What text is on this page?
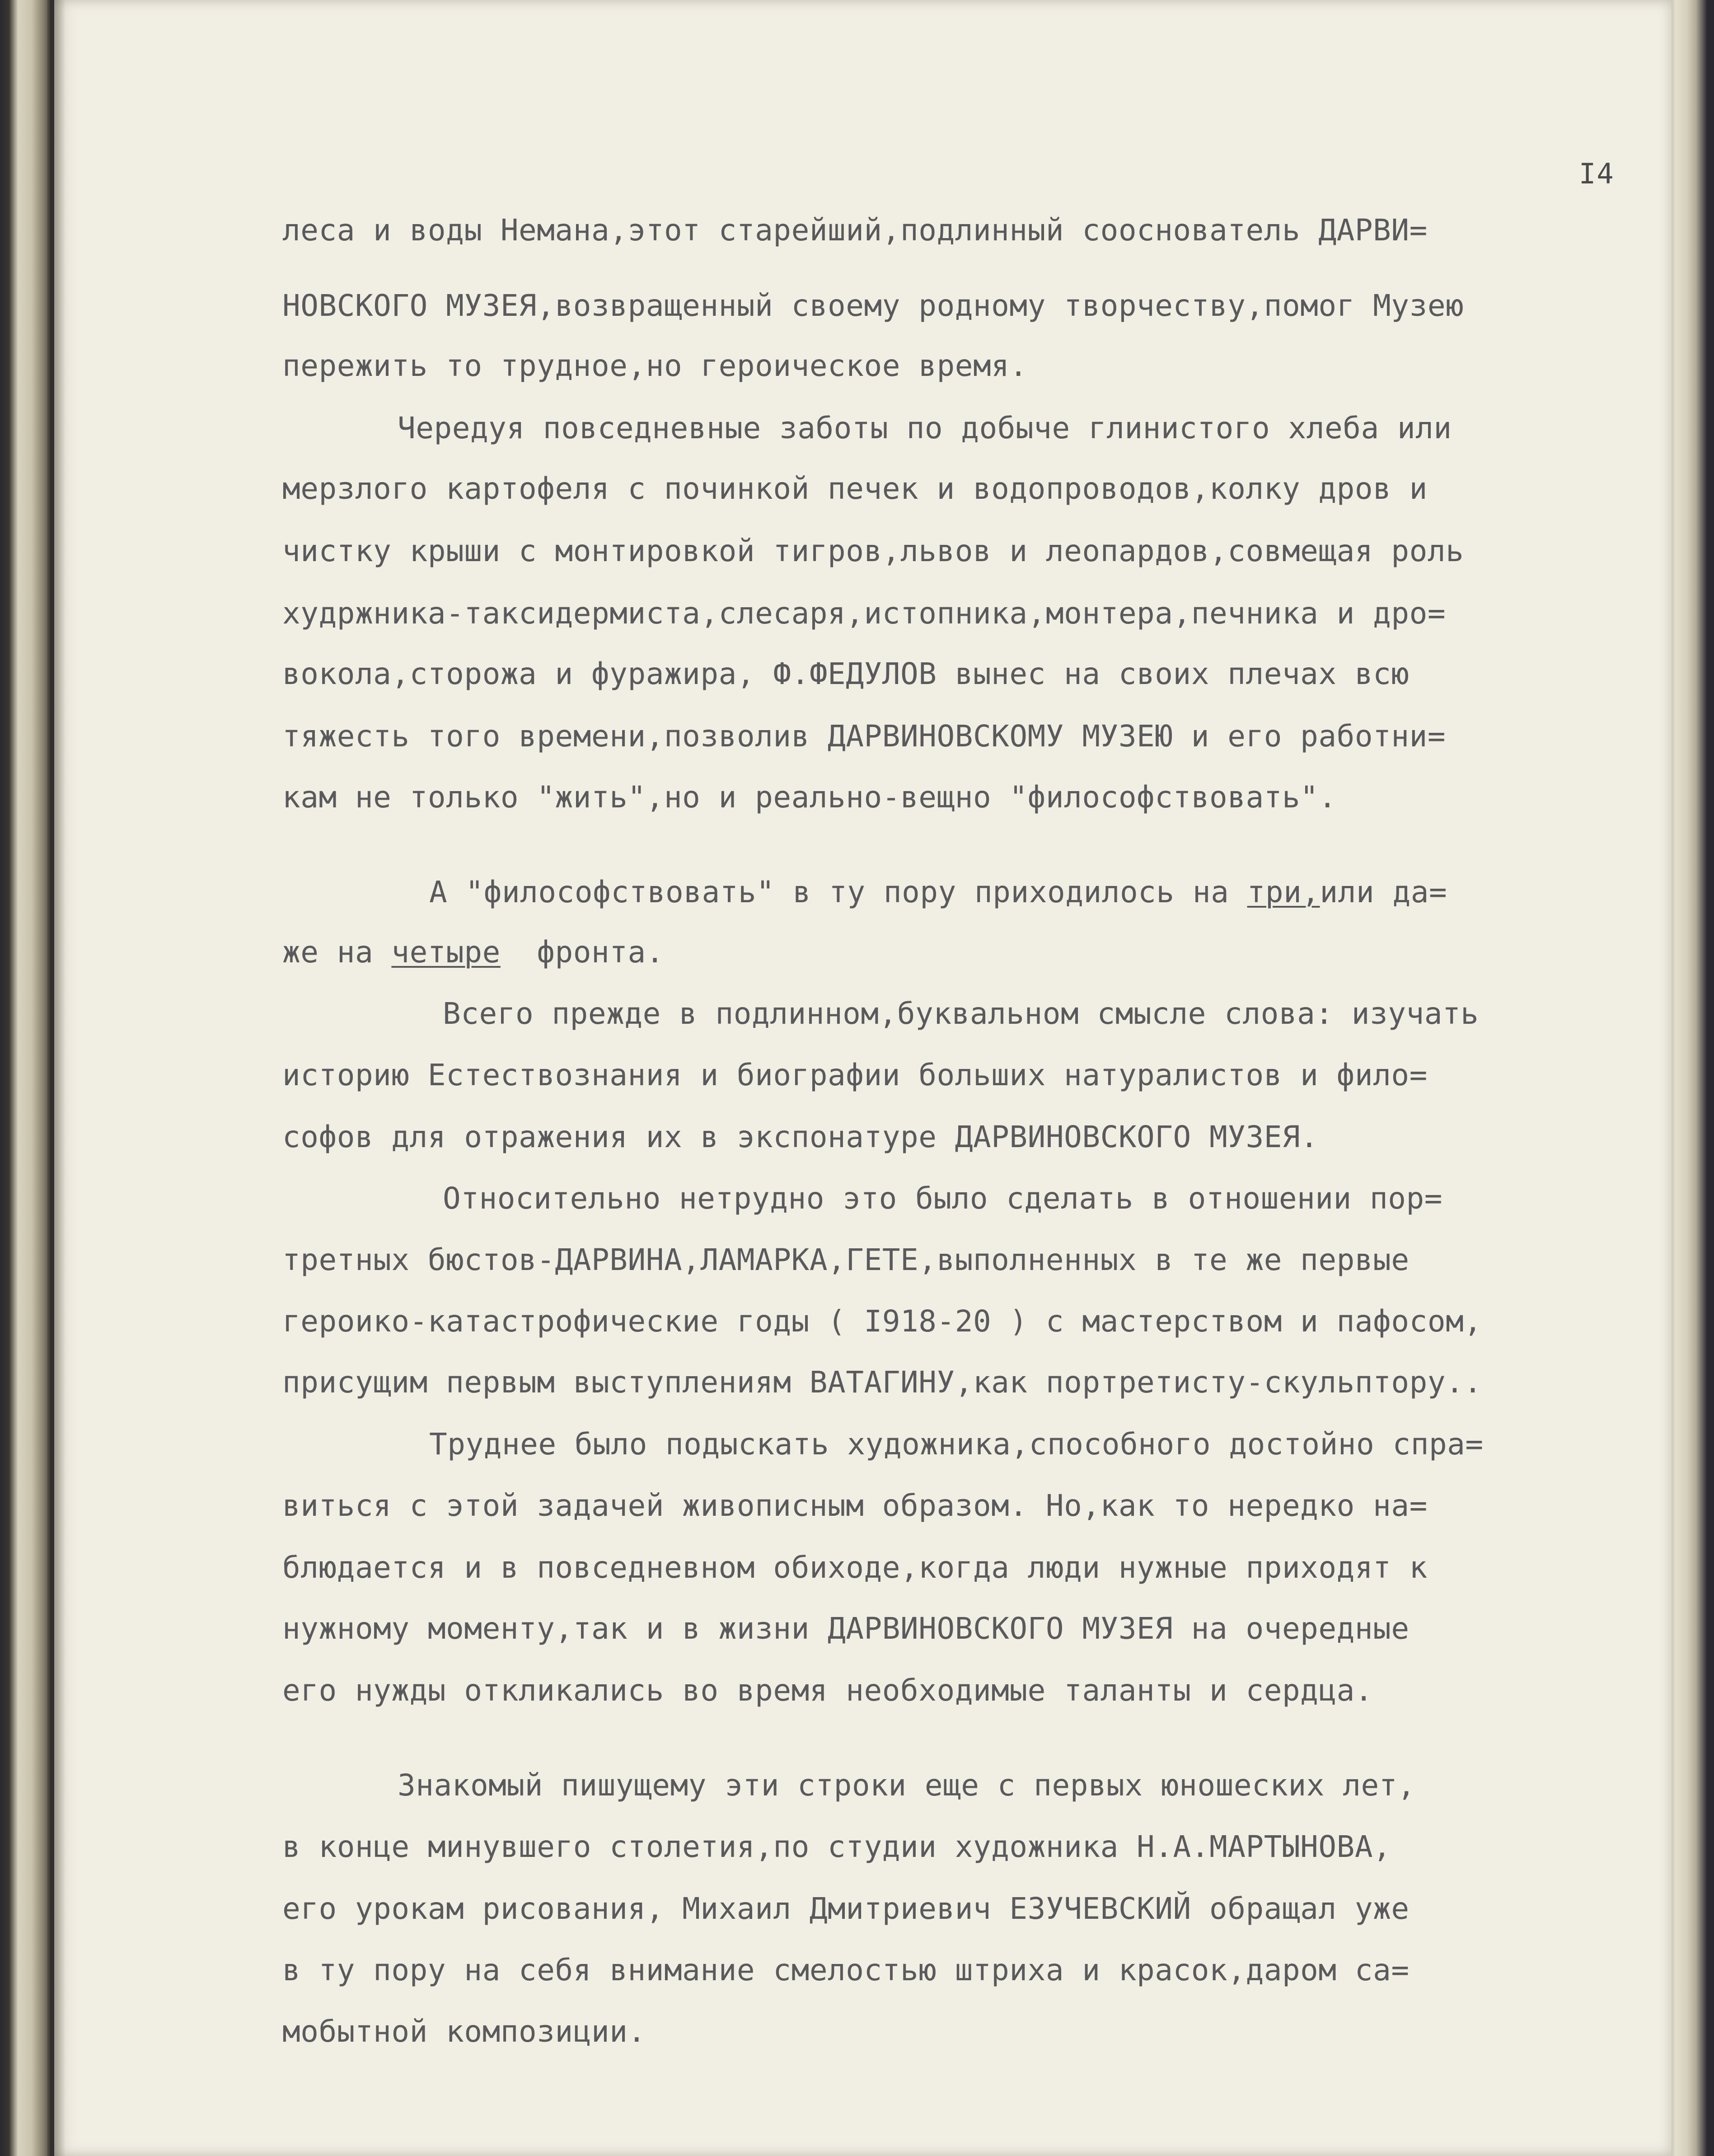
I4
леса и воды Немана,этот старейший,подлинный сооснователь ДАРВИ=
НОВСКОГО МУЗЕЯ,возвращенный своему родному творчеству,помог Музею
пережить то трудное,но героическое время.
Чередуя повседневные заботы по добыче глинистого хлеба или
мерзлого картофеля с починкой печек и водопроводов,колку дров и
чистку крыши с монтировкой тигров,львов и леопардов,совмещая роль
худржника-таксидермиста,слесаря,истопника,монтера,печника и дро=
вокола,сторожа и фуражира, Ф.ФЕДУЛОВ вынес на своих плечах всю
тяжесть того времени,позволив ДАРВИНОВСКОМУ МУЗЕЮ и его работни=
кам не только "жить",но и реально-вещно "философствовать".
А "философствовать" в ту пору приходилось на три,или да=
же на четыре  фронта.
Всего прежде в подлинном,буквальном смысле слова: изучать
историю Естествознания и биографии больших натуралистов и фило=
софов для отражения их в экспонатуре ДАРВИНОВСКОГО МУЗЕЯ.
Относительно нетрудно это было сделать в отношении пор=
третных бюстов-ДАРВИНА,ЛАМАРКА,ГЕТЕ,выполненных в те же первые
героико-катастрофические годы ( I918-20 ) с мастерством и пафосом,
присущим первым выступлениям ВАТАГИНУ,как портретисту-скульптору..
Труднее было подыскать художника,способного достойно спра=
виться с этой задачей живописным образом. Но,как то нередко на=
блюдается и в повседневном обиходе,когда люди нужные приходят к
нужному моменту,так и в жизни ДАРВИНОВСКОГО МУЗЕЯ на очередные
его нужды откликались во время необходимые таланты и сердца.
Знакомый пишущему эти строки еще с первых юношеских лет,
в конце минувшего столетия,по студии художника Н.А.МАРТЫНОВА,
его урокам рисования, Михаил Дмитриевич ЕЗУЧЕВСКИЙ обращал уже
в ту пору на себя внимание смелостью штриха и красок,даром са=
мобытной композиции.
